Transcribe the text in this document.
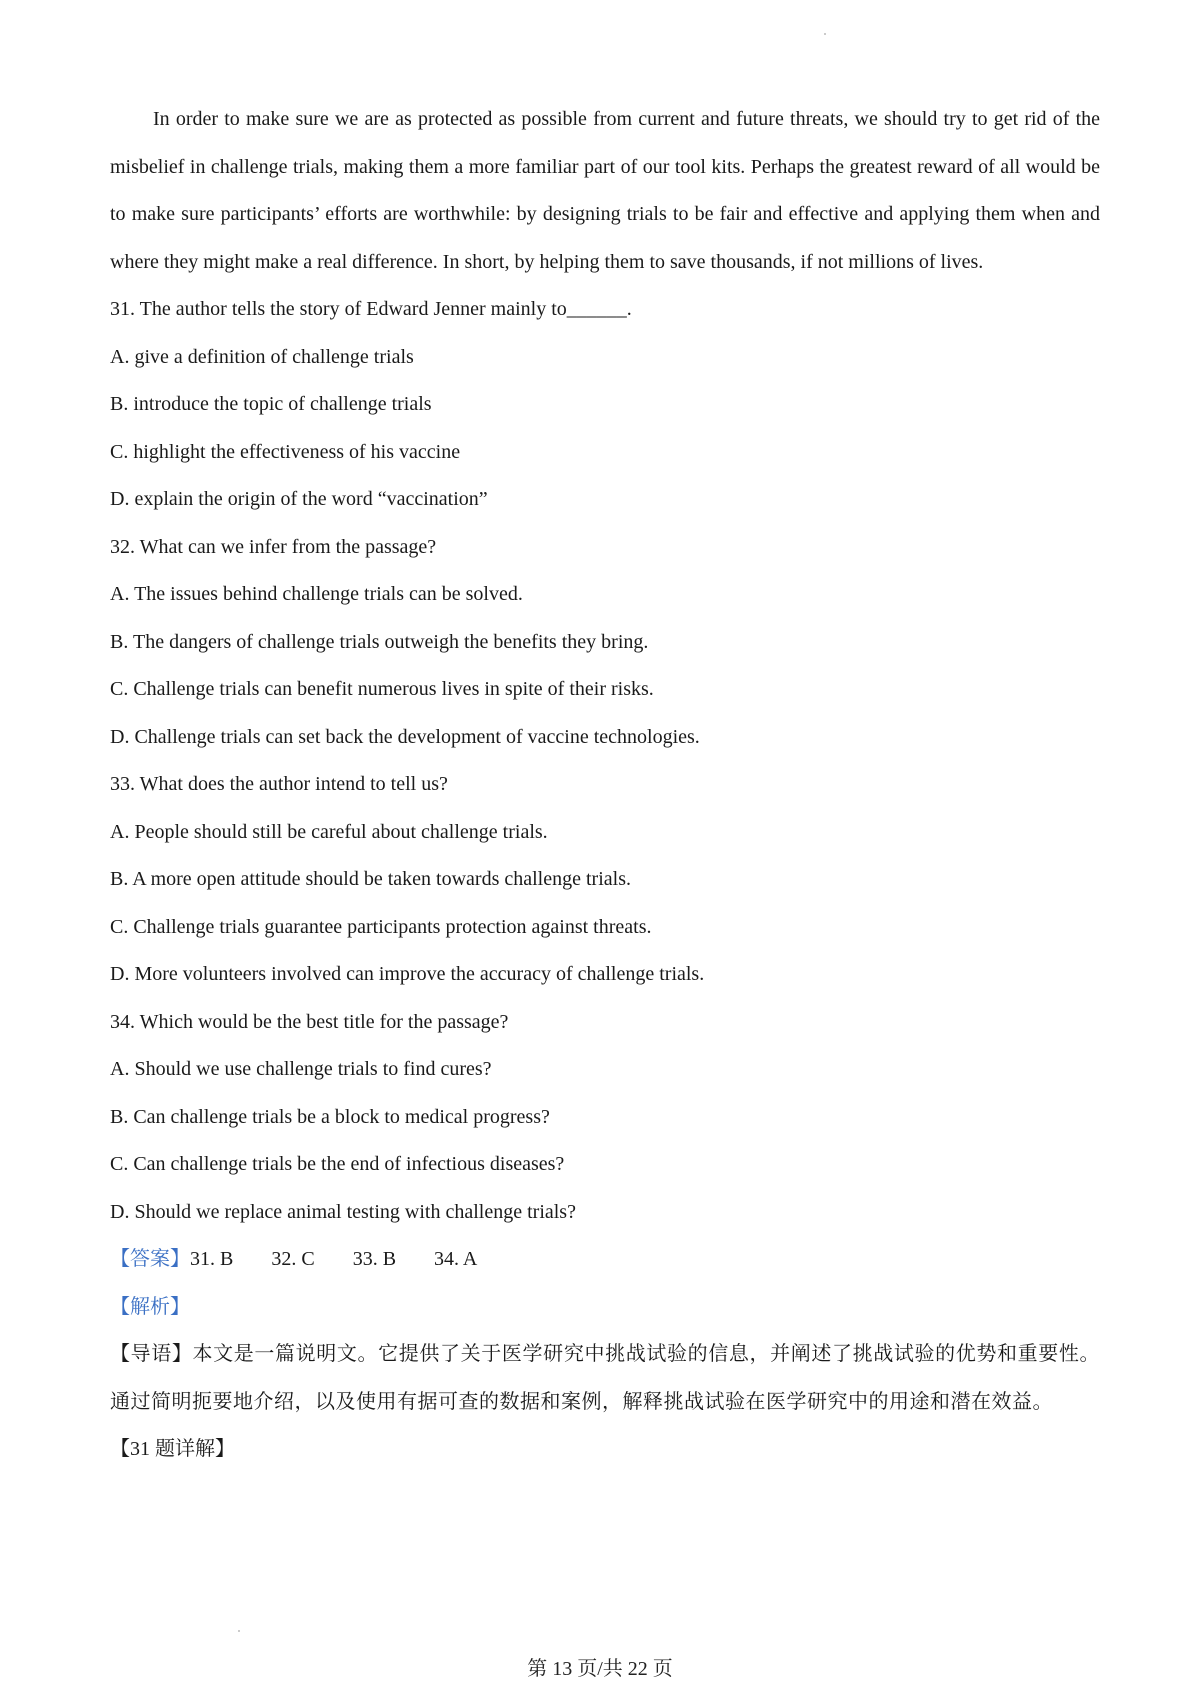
In order to make sure we are as protected as possible from current and future threats, we should try to get rid of the misbelief in challenge trials, making them a more familiar part of our tool kits. Perhaps the greatest reward of all would be to make sure participants’ efforts are worthwhile: by designing trials to be fair and effective and applying them when and where they might make a real difference. In short, by helping them to save thousands, if not millions of lives.

31. The author tells the story of Edward Jenner mainly to______.

A. give a definition of challenge trials

B. introduce the topic of challenge trials

C. highlight the effectiveness of his vaccine

D. explain the origin of the word “vaccination”

32. What can we infer from the passage?

A. The issues behind challenge trials can be solved.

B. The dangers of challenge trials outweigh the benefits they bring.

C. Challenge trials can benefit numerous lives in spite of their risks.

D. Challenge trials can set back the development of vaccine technologies.

33. What does the author intend to tell us?

A. People should still be careful about challenge trials.

B. A more open attitude should be taken towards challenge trials.

C. Challenge trials guarantee participants protection against threats.

D. More volunteers involved can improve the accuracy of challenge trials.

34. Which would be the best title for the passage?

A. Should we use challenge trials to find cures?

B. Can challenge trials be a block to medical progress?

C. Can challenge trials be the end of infectious diseases?

D. Should we replace animal testing with challenge trials?

【答案】31. B 32. C 33. B 34. A

【解析】

【导语】本文是一篇说明文。它提供了关于医学研究中挑战试验的信息，并阐述了挑战试验的优势和重要性。通过简明扼要地介绍，以及使用有据可查的数据和案例，解释挑战试验在医学研究中的用途和潜在效益。

【31 题详解】

第 13 页/共 22 页
